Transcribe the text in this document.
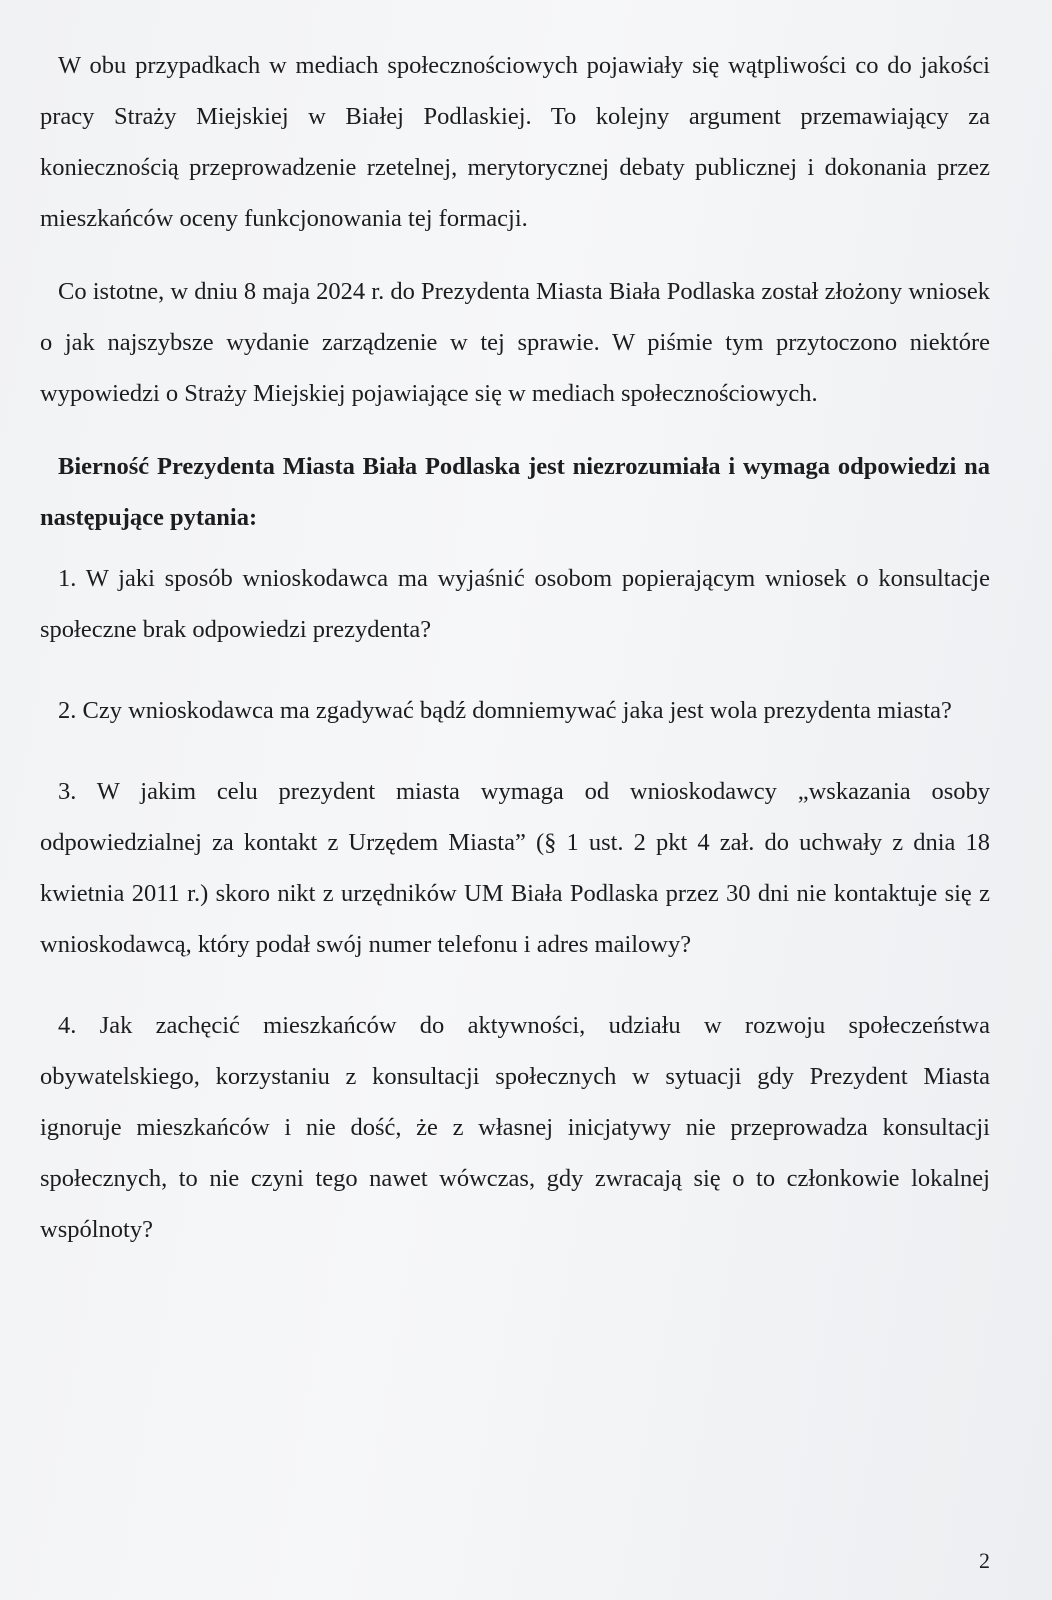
W obu przypadkach w mediach społecznościowych pojawiały się wątpliwości co do jakości pracy Straży Miejskiej w Białej Podlaskiej. To kolejny argument przemawiający za koniecznością przeprowadzenie rzetelnej, merytorycznej debaty publicznej i dokonania przez mieszkańców oceny funkcjonowania tej formacji.

Co istotne, w dniu 8 maja 2024 r. do Prezydenta Miasta Biała Podlaska został złożony wniosek o jak najszybsze wydanie zarządzenie w tej sprawie. W piśmie tym przytoczono niektóre wypowiedzi o Straży Miejskiej pojawiające się w mediach społecznościowych.

Bierność Prezydenta Miasta Biała Podlaska jest niezrozumiała i wymaga odpowiedzi na następujące pytania:

1. W jaki sposób wnioskodawca ma wyjaśnić osobom popierającym wniosek o konsultacje społeczne brak odpowiedzi prezydenta?

2. Czy wnioskodawca ma zgadywać bądź domniemywać jaka jest wola prezydenta miasta?

3. W jakim celu prezydent miasta wymaga od wnioskodawcy „wskazania osoby odpowiedzialnej za kontakt z Urzędem Miasta” (§ 1 ust. 2 pkt 4 zał. do uchwały z dnia 18 kwietnia 2011 r.) skoro nikt z urzędników UM Biała Podlaska przez 30 dni nie kontaktuje się z wnioskodawcą, który podał swój numer telefonu i adres mailowy?

4. Jak zachęcić mieszkańców do aktywności, udziału w rozwoju społeczeństwa obywatelskiego, korzystaniu z konsultacji społecznych w sytuacji gdy Prezydent Miasta ignoruje mieszkańców i nie dość, że z własnej inicjatywy nie przeprowadza konsultacji społecznych, to nie czyni tego nawet wówczas, gdy zwracają się o to członkowie lokalnej wspólnoty?

2
